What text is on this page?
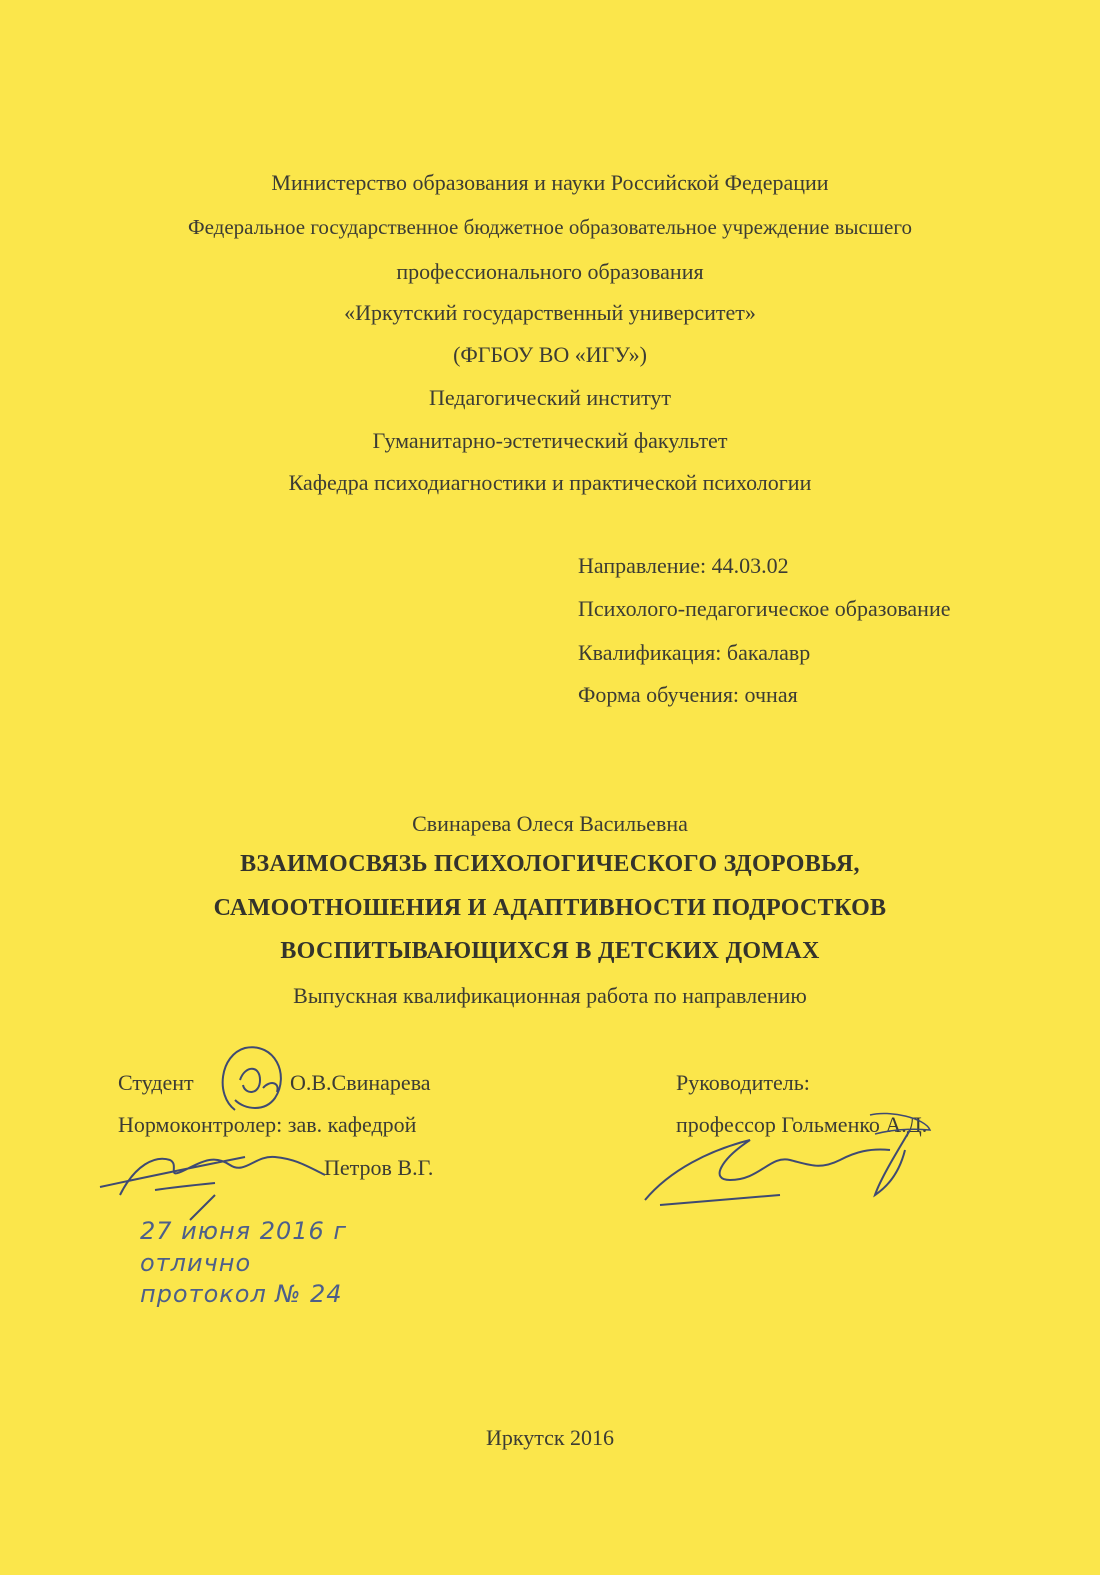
Министерство образования и науки Российской Федерации
Федеральное государственное бюджетное образовательное учреждение высшего
профессионального образования
«Иркутский государственный университет»
(ФГБОУ ВО «ИГУ»)
Педагогический институт
Гуманитарно-эстетический факультет
Кафедра психодиагностики и практической психологии
Направление: 44.03.02
Психолого-педагогическое образование
Квалификация: бакалавр
Форма обучения: очная
Свинарева Олеся Васильевна
ВЗАИМОСВЯЗЬ ПСИХОЛОГИЧЕСКОГО ЗДОРОВЬЯ,
САМООТНОШЕНИЯ И АДАПТИВНОСТИ ПОДРОСТКОВ
ВОСПИТЫВАЮЩИХСЯ В ДЕТСКИХ ДОМАХ
Выпускная квалификационная работа по направлению
Студент	О.В.Свинарева
Нормоконтролер: зав. кафедрой
Петров В.Г.
Руководитель:
профессор Гольменко А.Д.
27 июня 2016 г
отлично
протокол № 24
Иркутск 2016
